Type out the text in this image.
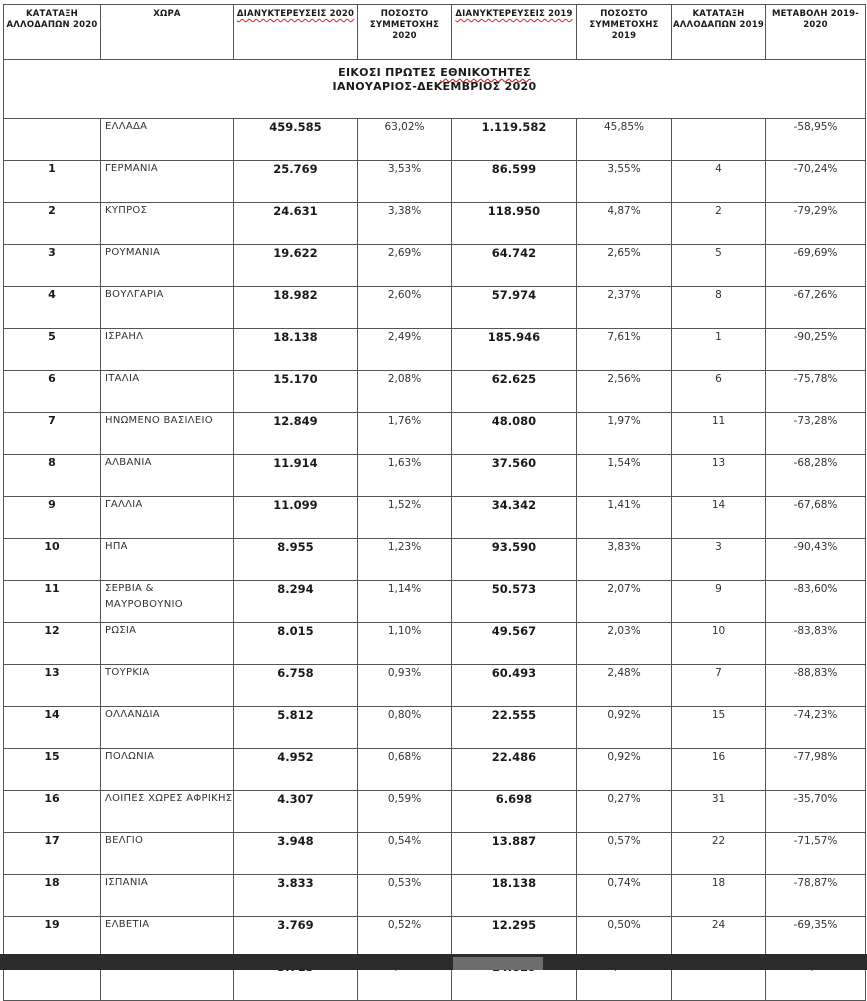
ΕΙΚΟΣΙ ΠΡΩΤΕΣ ΕΘΝΙΚΟΤΗΤΕΣ
ΙΑΝΟΥΑΡΙΟΣ-ΔΕΚΕΜΒΡΙΟΣ 2020							

ΚΑΤΑΤΑΞΗ ΑΛΛΟΔΑΠΩΝ 2020	ΧΩΡΑ	ΔΙΑΝΥΚΤΕΡΕΥΣΕΙΣ 2020	ΠΟΣΟΣΤΟ ΣΥΜΜΕΤΟΧΗΣ 2020	ΔΙΑΝΥΚΤΕΡΕΥΣΕΙΣ 2019	ΠΟΣΟΣΤΟ ΣΥΜΜΕΤΟΧΗΣ 2019	ΚΑΤΑΤΑΞΗ ΑΛΛΟΔΑΠΩΝ 2019	ΜΕΤΑΒΟΛΗ 2019-2020
	ΕΛΛΑΔΑ	459.585	63,02%	1.119.582	45,85%		-58,95%
1	ΓΕΡΜΑΝΙΑ	25.769	3,53%	86.599	3,55%	4	-70,24%
2	ΚΥΠΡΟΣ	24.631	3,38%	118.950	4,87%	2	-79,29%
3	ΡΟΥΜΑΝΙΑ	19.622	2,69%	64.742	2,65%	5	-69,69%
4	ΒΟΥΛΓΑΡΙΑ	18.982	2,60%	57.974	2,37%	8	-67,26%
5	ΙΣΡΑΗΛ	18.138	2,49%	185.946	7,61%	1	-90,25%
6	ΙΤΑΛΙΑ	15.170	2,08%	62.625	2,56%	6	-75,78%
7	ΗΝΩΜΕΝΟ ΒΑΣΙΛΕΙΟ	12.849	1,76%	48.080	1,97%	11	-73,28%
8	ΑΛΒΑΝΙΑ	11.914	1,63%	37.560	1,54%	13	-68,28%
9	ΓΑΛΛΙΑ	11.099	1,52%	34.342	1,41%	14	-67,68%
10	ΗΠΑ	8.955	1,23%	93.590	3,83%	3	-90,43%
11	ΣΕΡΒΙΑ & ΜΑΥΡΟΒΟΥΝΙΟ	8.294	1,14%	50.573	2,07%	9	-83,60%
12	ΡΩΣΙΑ	8.015	1,10%	49.567	2,03%	10	-83,83%
13	ΤΟΥΡΚΙΑ	6.758	0,93%	60.493	2,48%	7	-88,83%
14	ΟΛΛΑΝΔΙΑ	5.812	0,80%	22.555	0,92%	15	-74,23%
15	ΠΟΛΩΝΙΑ	4.952	0,68%	22.486	0,92%	16	-77,98%
16	ΛΟΙΠΕΣ ΧΩΡΕΣ ΑΦΡΙΚΗΣ	4.307	0,59%	6.698	0,27%	31	-35,70%
17	ΒΕΛΓΙΟ	3.948	0,54%	13.887	0,57%	22	-71,57%
18	ΙΣΠΑΝΙΑ	3.833	0,53%	18.138	0,74%	18	-78,87%
19	ΕΛΒΕΤΙΑ	3.769	0,52%	12.295	0,50%	24	-69,35%
